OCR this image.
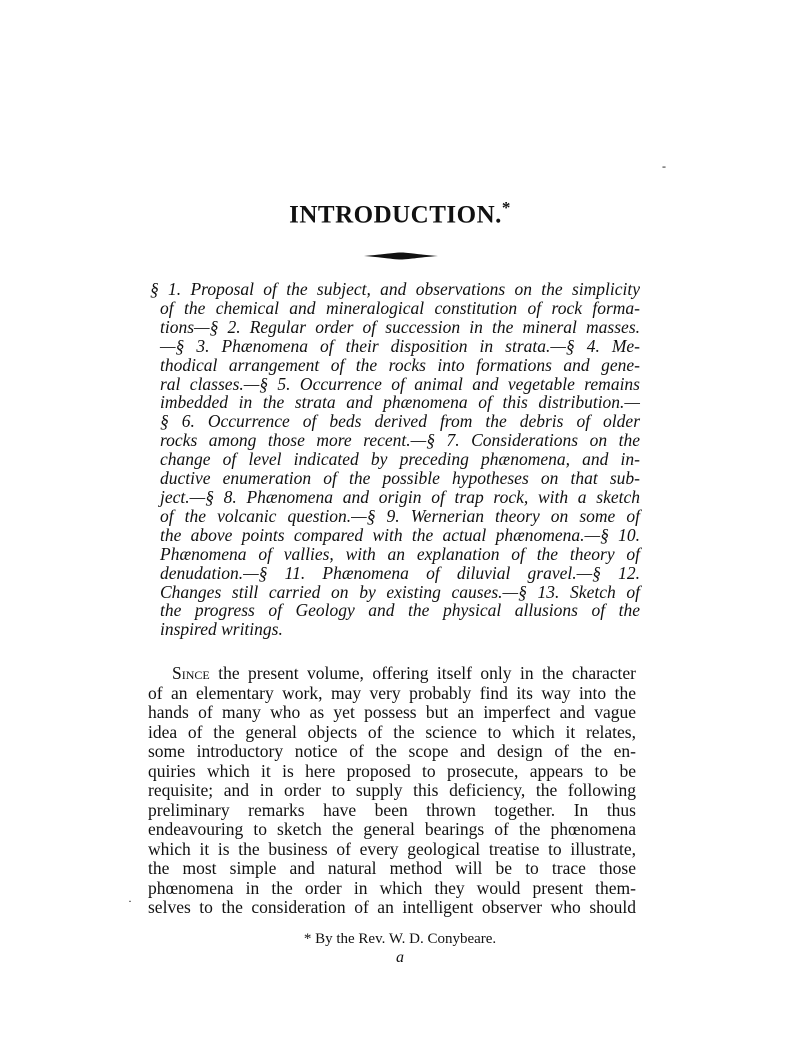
-
·
INTRODUCTION.*
§ 1. Proposal of the subject, and observations on the simplicity
of the chemical and mineralogical constitution of rock forma-
tions—§ 2. Regular order of succession in the mineral masses.
—§ 3. Phænomena of their disposition in strata.—§ 4. Me-
thodical arrangement of the rocks into formations and gene-
ral classes.—§ 5. Occurrence of animal and vegetable remains
imbedded in the strata and phænomena of this distribution.—
§ 6. Occurrence of beds derived from the debris of older
rocks among those more recent.—§ 7. Considerations on the
change of level indicated by preceding phænomena, and in-
ductive enumeration of the possible hypotheses on that sub-
ject.—§ 8. Phænomena and origin of trap rock, with a sketch
of the volcanic question.—§ 9. Wernerian theory on some of
the above points compared with the actual phænomena.—§ 10.
Phænomena of vallies, with an explanation of the theory of
denudation.—§ 11. Phænomena of diluvial gravel.—§ 12.
Changes still carried on by existing causes.—§ 13. Sketch of
the progress of Geology and the physical allusions of the
inspired writings.
Since the present volume, offering itself only in the character
of an elementary work, may very probably find its way into the
hands of many who as yet possess but an imperfect and vague
idea of the general objects of the science to which it relates,
some introductory notice of the scope and design of the en-
quiries which it is here proposed to prosecute, appears to be
requisite; and in order to supply this deficiency, the following
preliminary remarks have been thrown together. In thus
endeavouring to sketch the general bearings of the phœnomena
which it is the business of every geological treatise to illustrate,
the most simple and natural method will be to trace those
phœnomena in the order in which they would present them-
selves to the consideration of an intelligent observer who should
* By the Rev. W. D. Conybeare.
a
